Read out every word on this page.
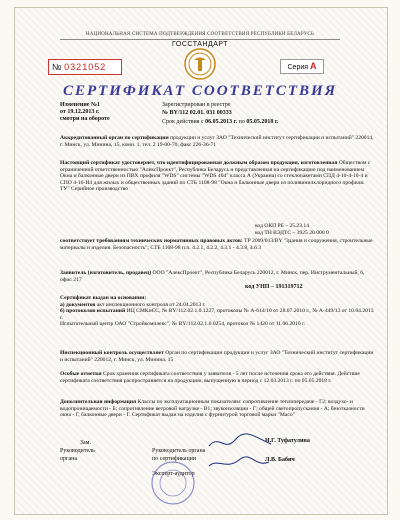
НАЦИОНАЛЬНАЯ СИСТЕМА ПОДТВЕРЖДЕНИЯ СООТВЕТСТВИЯ РЕСПУБЛИКИ БЕЛАРУСЬ
ГОССТАНДАРТ
№ 0321052	Серия А
СЕРТИФИКАТ СООТВЕТСТВИЯ
Изменение №1
от 19.12.2013 г.
смотри на обороте
Зарегистрирован в реестре
№ BY/112 02.01. 031 00333
Срок действия с 06.05.2013 г. по 05.05.2018 г.
Аккредитованный орган по сертификации продукции и услуг ЗАО "Технический институт сертификации и испытаний" 220014, г. Минск, ул. Минина, 15, комн. 1, тел. 2 19-00-70, факс 226-36-71
Настоящий сертификат удостоверяет, что идентифицированная должным образом продукция, изготовленная Обществом с ограниченной ответственностью "АлексПроект", Республика Беларусь и представленная на сертификацию под наименованием Окна и балконные двери из ПВХ профиля "WDS" системы "WDS 404" класса А (Украина) со стеклопакетами СПД 4-10-4-10-4 и СПО 4-16-И4 для жилых и общественных зданий по СТБ 1108-98 "Окна и балконные двери из поливинилхлоридного профиля. ТУ" Серийное производство
код ОКП РБ – 25.23.14
код ТН ВЭДТС – 3925 20 000 0
соответствует требованиям технических нормативных правовых актов: ТР 2009/013/BY "Здания и сооружения, строительные материалы и изделия. Безопасность"; СТБ 1108-98 п.п. 4.2.1, 4.2.2, 4.3.1 - 4.3.8, 4.6.3
Заявитель (изготовитель, продавец) ООО "АлексПроект", Республика Беларусь 220012, г. Минск, пер. Инструментальный, 6, офис 217
код УНП – 191319712
Сертификат выдан на основании:
а) документов акт инспекционного контроля от 24.04.2013 г.
б) протоколов испытаний ИЦ СМКиСС, № BY/112.02.1.0.1227, протоколы № А-614/10 от 28.07.2010 г., № А-449/13 от 10.04.2013 г.
Испытательный центр ОАО "Стройкомплекс", № BY/112.02.1.0.0254, протокол № 1420 от 11.06.2010 г.
Инспекционный контроль осуществляет Орган по сертификации продукции и услуг ЗАО "Технический институт сертификации и испытаний" 220012, г. Минск, ул. Минина, 15
Особые отметки Срок хранения сертификата соответствия у заявителя - 5 лет после истечения срока его действия. Действие сертификата соответствия распространяется на продукцию, выпущенную в период с 12.03.2013 г. по 05.05.2018 г.
Дополнительная информация Классы по эксплуатационным показателям: сопротивление теплопередаче - Г2; воздухо- и водопроницаемости - Б; сопротивление ветровой нагрузке - В1; звукоизоляции - Г; общей светопропускания - А; безотказности окна - Г, балконные двери - Г. Сертификат выдан на изделия с фурнитурой торговой марки "Maco"
Зам.
Руководитель
органа
Руководитель органа
по сертификации
Эксперт-аудитор
И.Г. Туфатулина
Л.В. Бабич
